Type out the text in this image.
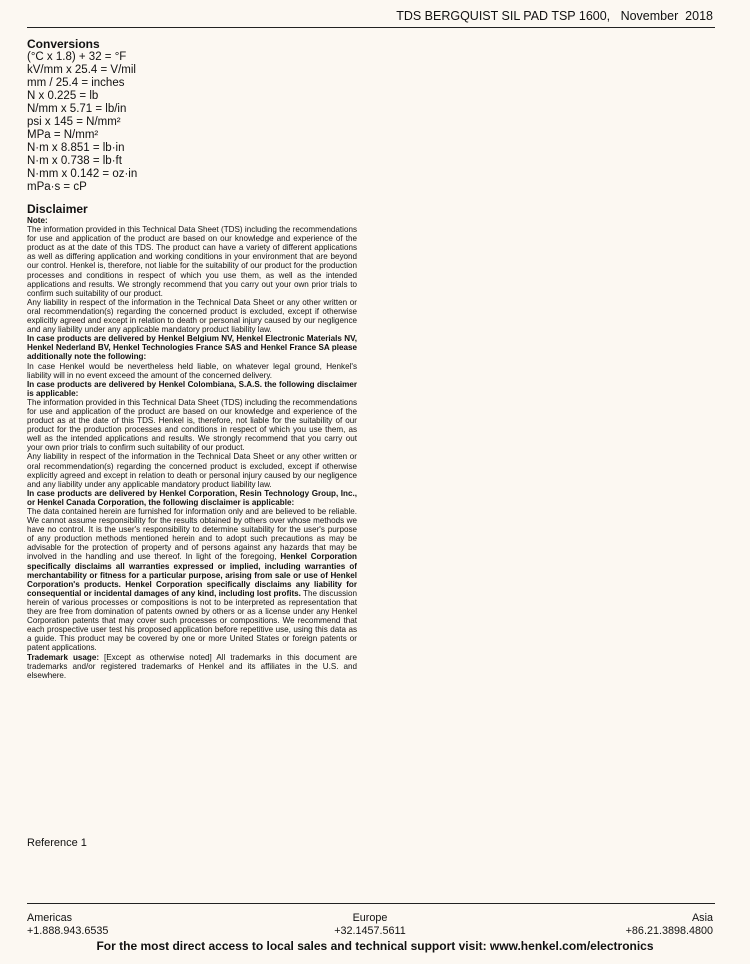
TDS BERGQUIST SIL PAD TSP 1600,   November  2018
Conversions
(°C x 1.8) + 32 = °F
kV/mm x 25.4 = V/mil
mm / 25.4 = inches
N x 0.225 = lb
N/mm x 5.71 = lb/in
psi x 145 = N/mm²
MPa = N/mm²
N·m x 8.851 = lb·in
N·m x 0.738 = lb·ft
N·mm x 0.142 = oz·in
mPa·s = cP
Disclaimer

Note:

The information provided in this Technical Data Sheet (TDS) including the recommendations for use and application of the product are based on our knowledge and experience of the product as at the date of this TDS. The product can have a variety of different applications as well as differing application and working conditions in your environment that are beyond our control. Henkel is, therefore, not liable for the suitability of our product for the production processes and conditions in respect of which you use them, as well as the intended applications and results. We strongly recommend that you carry out your own prior trials to confirm such suitability of our product.

Any liability in respect of the information in the Technical Data Sheet or any other written or oral recommendation(s) regarding the concerned product is excluded, except if otherwise explicitly agreed and except in relation to death or personal injury caused by our negligence and any liability under any applicable mandatory product liability law.

In case products are delivered by Henkel Belgium NV, Henkel Electronic Materials NV, Henkel Nederland BV, Henkel Technologies France SAS and Henkel France SA please additionally note the following:

In case Henkel would be nevertheless held liable, on whatever legal ground, Henkel's liability will in no event exceed the amount of the concerned delivery.

In case products are delivered by Henkel Colombiana, S.A.S. the following disclaimer is applicable:

The information provided in this Technical Data Sheet (TDS) including the recommendations for use and application of the product are based on our knowledge and experience of the product as at the date of this TDS. Henkel is, therefore, not liable for the suitability of our product for the production processes and conditions in respect of which you use them, as well as the intended applications and results. We strongly recommend that you carry out your own prior trials to confirm such suitability of our product.

Any liability in respect of the information in the Technical Data Sheet or any other written or oral recommendation(s) regarding the concerned product is excluded, except if otherwise explicitly agreed and except in relation to death or personal injury caused by our negligence and any liability under any applicable mandatory product liability law.

In case products are delivered by Henkel Corporation, Resin Technology Group, Inc., or Henkel Canada Corporation, the following disclaimer is applicable:

The data contained herein are furnished for information only and are believed to be reliable. We cannot assume responsibility for the results obtained by others over whose methods we have no control. It is the user's responsibility to determine suitability for the user's purpose of any production methods mentioned herein and to adopt such precautions as may be advisable for the protection of property and of persons against any hazards that may be involved in the handling and use thereof. In light of the foregoing, Henkel Corporation specifically disclaims all warranties expressed or implied, including warranties of merchantability or fitness for a particular purpose, arising from sale or use of Henkel Corporation's products. Henkel Corporation specifically disclaims any liability for consequential or incidental damages of any kind, including lost profits. The discussion herein of various processes or compositions is not to be interpreted as representation that they are free from domination of patents owned by others or as a license under any Henkel Corporation patents that may cover such processes or compositions. We recommend that each prospective user test his proposed application before repetitive use, using this data as a guide. This product may be covered by one or more United States or foreign patents or patent applications.

Trademark usage: [Except as otherwise noted] All trademarks in this document are trademarks and/or registered trademarks of Henkel and its affiliates in the U.S. and elsewhere.

Reference 1
Americas
+1.888.943.6535
Europe
+32.1457.5611
Asia
+86.21.3898.4800
For the most direct access to local sales and technical support visit: www.henkel.com/electronics
